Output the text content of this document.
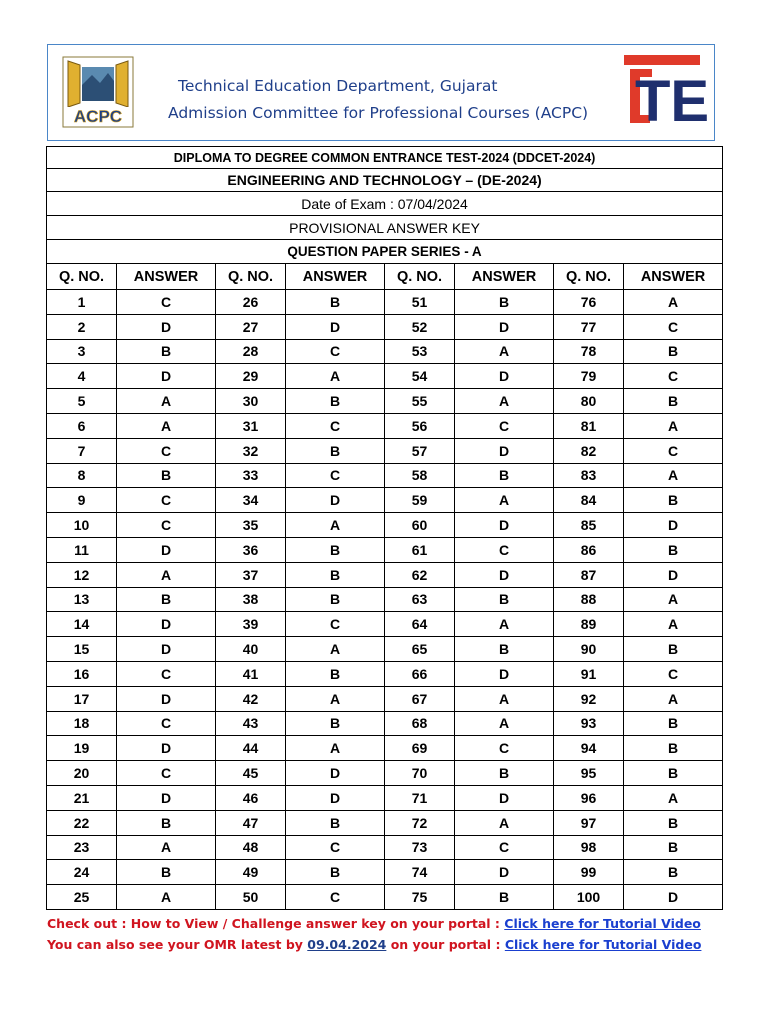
ACPC
Technical Education Department, Gujarat
Admission Committee for Professional Courses (ACPC) TE
DIPLOMA TO DEGREE COMMON ENTRANCE TEST-2024 (DDCET-2024)							
ENGINEERING AND TECHNOLOGY – (DE-2024)							
Date of Exam : 07/04/2024							
PROVISIONAL ANSWER KEY							
QUESTION PAPER SERIES - A							
Q. NO.	ANSWER	Q. NO.	ANSWER	Q. NO.	ANSWER	Q. NO.	ANSWER
1	C	26	B	51	B	76	A
2	D	27	D	52	D	77	C
3	B	28	C	53	A	78	B
4	D	29	A	54	D	79	C
5	A	30	B	55	A	80	B
6	A	31	C	56	C	81	A
7	C	32	B	57	D	82	C
8	B	33	C	58	B	83	A
9	C	34	D	59	A	84	B
10	C	35	A	60	D	85	D
11	D	36	B	61	C	86	B
12	A	37	B	62	D	87	D
13	B	38	B	63	B	88	A
14	D	39	C	64	A	89	A
15	D	40	A	65	B	90	B
16	C	41	B	66	D	91	C
17	D	42	A	67	A	92	A
18	C	43	B	68	A	93	B
19	D	44	A	69	C	94	B
20	C	45	D	70	B	95	B
21	D	46	D	71	D	96	A
22	B	47	B	72	A	97	B
23	A	48	C	73	C	98	B
24	B	49	B	74	D	99	B
25	A	50	C	75	B	100	D
Check out : How to View / Challenge answer key on your portal : Click here for Tutorial Video
You can also see your OMR latest by 09.04.2024 on your portal : Click here for Tutorial Video
